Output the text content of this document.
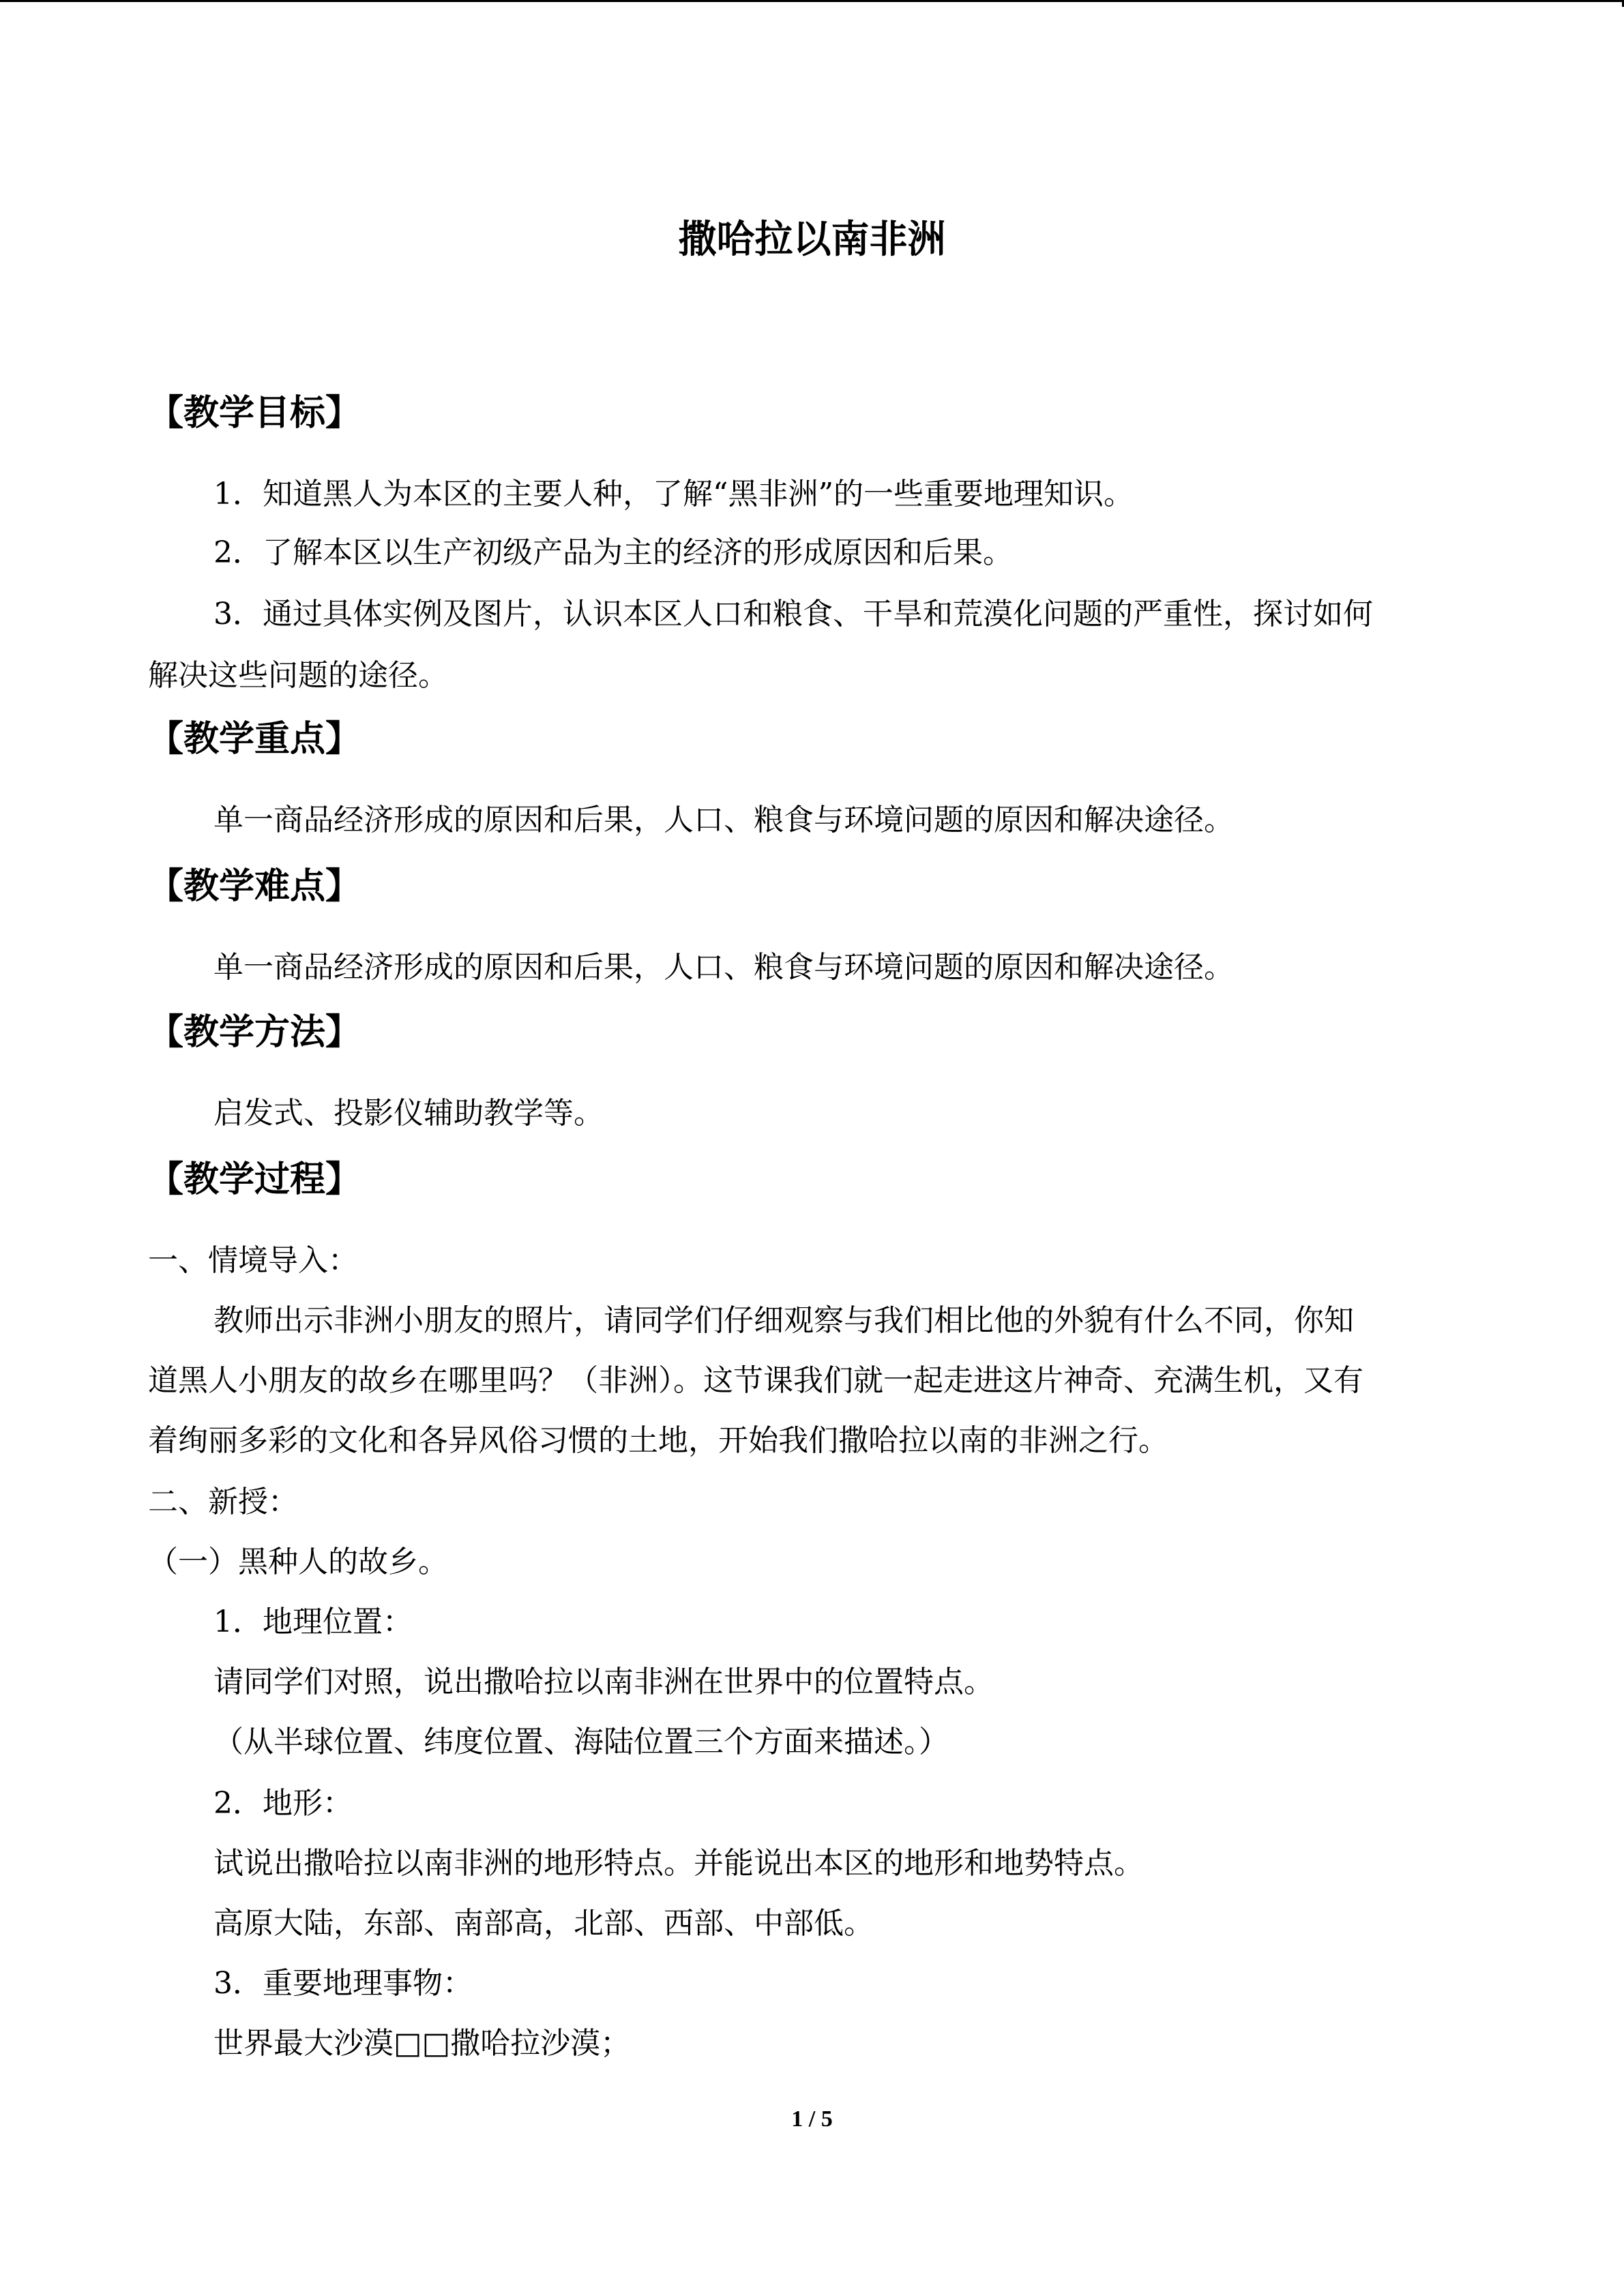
撒哈拉以南非洲
【教学目标】
1．知道黑人为本区的主要人种，了解“黑非洲”的一些重要地理知识。
2．了解本区以生产初级产品为主的经济的形成原因和后果。
3．通过具体实例及图片，认识本区人口和粮食、干旱和荒漠化问题的严重性，探讨如何
解决这些问题的途径。
【教学重点】
单一商品经济形成的原因和后果，人口、粮食与环境问题的原因和解决途径。
【教学难点】
单一商品经济形成的原因和后果，人口、粮食与环境问题的原因和解决途径。
【教学方法】
启发式、投影仪辅助教学等。
【教学过程】
一、情境导入：
教师出示非洲小朋友的照片，请同学们仔细观察与我们相比他的外貌有什么不同，你知
道黑人小朋友的故乡在哪里吗？（非洲）。这节课我们就一起走进这片神奇、充满生机，又有
着绚丽多彩的文化和各异风俗习惯的土地，开始我们撒哈拉以南的非洲之行。
二、新授：
（一）黑种人的故乡。
1．地理位置：
请同学们对照，说出撒哈拉以南非洲在世界中的位置特点。
（从半球位置、纬度位置、海陆位置三个方面来描述。）
2．地形：
试说出撒哈拉以南非洲的地形特点。并能说出本区的地形和地势特点。
高原大陆，东部、南部高，北部、西部、中部低。
3．重要地理事物：
世界最大沙漠□□撒哈拉沙漠；
1 / 5
